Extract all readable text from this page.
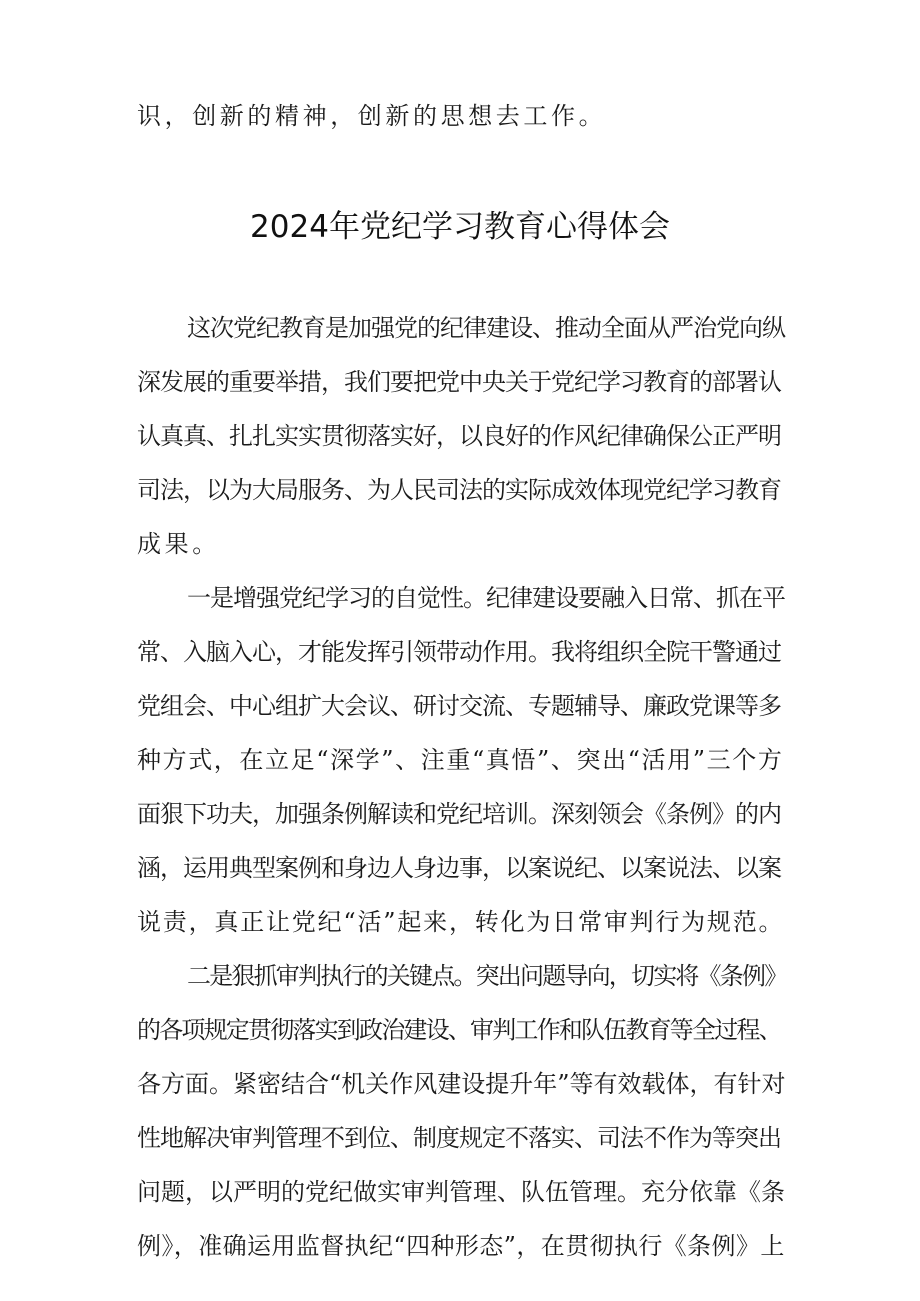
识，创新的精神，创新的思想去工作。
2024年党纪学习教育心得体会
这次党纪教育是加强党的纪律建设、推动全面从严治党向纵
深发展的重要举措，我们要把党中央关于党纪学习教育的部署认
认真真、扎扎实实贯彻落实好，以良好的作风纪律确保公正严明
司法，以为大局服务、为人民司法的实际成效体现党纪学习教育
成果。
一是增强党纪学习的自觉性。纪律建设要融入日常、抓在平
常、入脑入心，才能发挥引领带动作用。我将组织全院干警通过
党组会、中心组扩大会议、研讨交流、专题辅导、廉政党课等多
种方式，在立足“深学”、注重“真悟”、突出“活用”三个方
面狠下功夫，加强条例解读和党纪培训。深刻领会《条例》的内
涵，运用典型案例和身边人身边事，以案说纪、以案说法、以案
说责，真正让党纪“活”起来，转化为日常审判行为规范。
二是狠抓审判执行的关键点。突出问题导向，切实将《条例》
的各项规定贯彻落实到政治建设、审判工作和队伍教育等全过程、
各方面。紧密结合“机关作风建设提升年”等有效载体，有针对
性地解决审判管理不到位、制度规定不落实、司法不作为等突出
问题，以严明的党纪做实审判管理、队伍管理。充分依靠《条
例》，准确运用监督执纪“四种形态”，在贯彻执行《条例》上
